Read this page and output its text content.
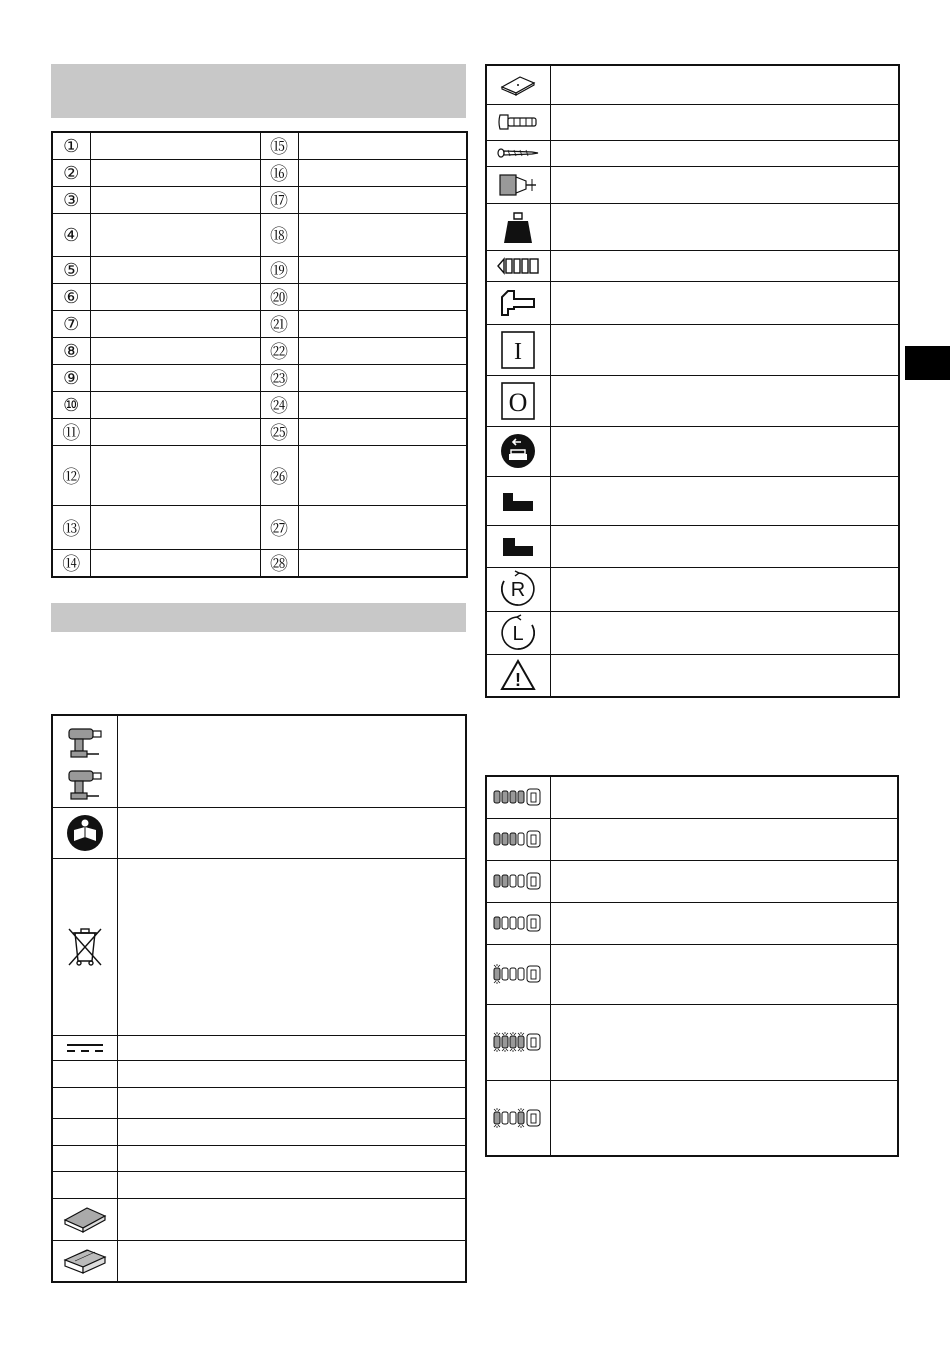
①		⑮	
②		⑯	
③		⑰	
④		⑱	
⑤		⑲	
⑥		⑳	
⑦		㉑	
⑧		㉒	
⑨		㉓	
⑩		㉔	
⑪		㉕	
⑫		㉖	
⑬		㉗	
⑭		㉘	

I	

O	

R	

L	

!	
